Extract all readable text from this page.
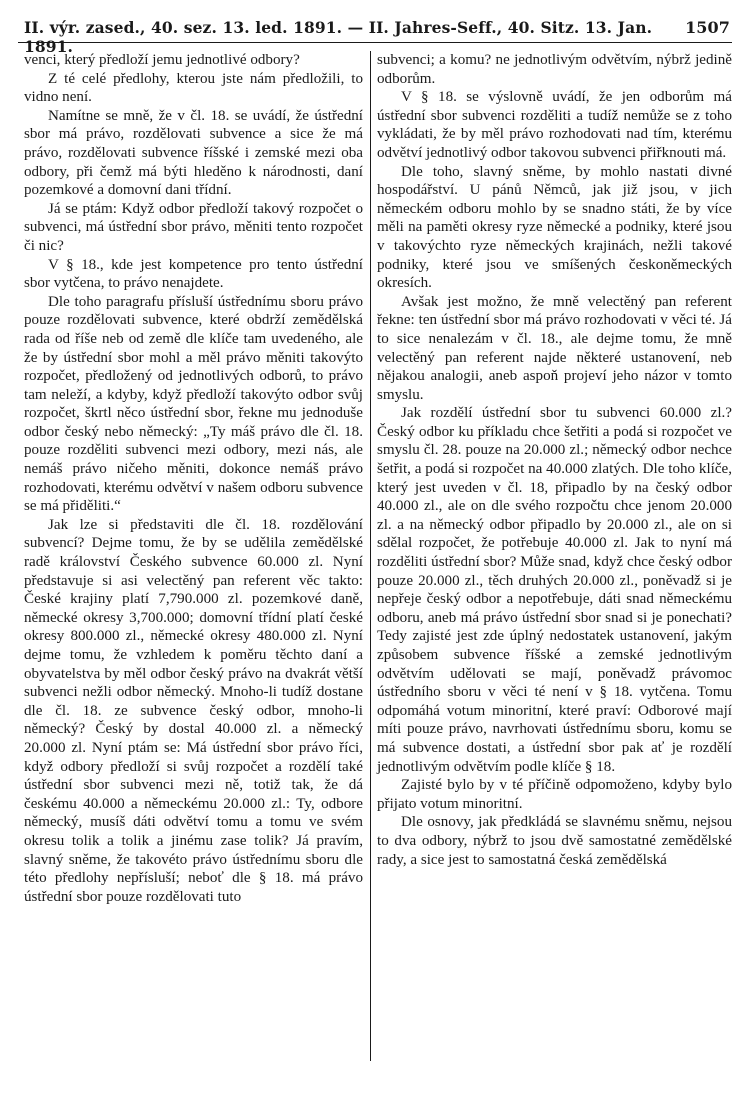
II. výr. zased., 40. sez. 13. led. 1891. — II. Jahres-Seff., 40. Sitz. 13. Jan. 1891.
1507

venci, který předloží jemu jednotlivé odbory?

Z té celé předlohy, kterou jste nám předložili, to vidno není.

Namítne se mně, že v čl. 18. se uvádí, že ústřední sbor má právo, rozdělovati subvence a sice že má právo, rozdělovati subvence říšské i zemské mezi oba odbory, při čemž má býti hleděno k národnosti, daní pozemkové a domovní dani třídní.

Já se ptám: Když odbor předloží takový rozpočet o subvenci, má ústřední sbor právo, měniti tento rozpočet či nic?

V § 18., kde jest kompetence pro tento ústřední sbor vytčena, to právo nenajdete.

Dle toho paragrafu přísluší ústřednímu sboru právo pouze rozdělovati subvence, které obdrží zemědělská rada od říše neb od země dle klíče tam uvedeného, ale že by ústřední sbor mohl a měl právo měniti takovýto rozpočet, předložený od jednotlivých odborů, to právo tam neleží, a kdyby, když předloží takovýto odbor svůj rozpočet, škrtl něco ústřední sbor, řekne mu jednoduše odbor český nebo německý: „Ty máš právo dle čl. 18. pouze rozděliti subvenci mezi odbory, mezi nás, ale nemáš právo ničeho měniti, dokonce nemáš právo rozhodovati, kterému odvětví v našem odboru subvence se má přiděliti.“

Jak lze si představiti dle čl. 18. rozdělování subvencí? Dejme tomu, že by se udělila zemědělské radě království Českého subvence 60.000 zl. Nyní představuje si asi velectěný pan referent věc takto: České krajiny platí 7,790.000 zl. pozemkové daně, německé okresy 3,700.000; domovní třídní platí české okresy 800.000 zl., německé okresy 480.000 zl. Nyní dejme tomu, že vzhledem k poměru těchto daní a obyvatelstva by měl odbor český právo na dvakrát větší subvenci nežli odbor německý. Mnoho-li tudíž dostane dle čl. 18. ze subvence český odbor, mnoho-li německý? Český by dostal 40.000 zl. a německý 20.000 zl. Nyní ptám se: Má ústřední sbor právo říci, když odbory předloží si svůj rozpočet a rozdělí také ústřední sbor subvenci mezi ně, totiž tak, že dá českému 40.000 a německému 20.000 zl.: Ty, odbore německý, musíš dáti odvětví tomu a tomu ve svém okresu tolik a tolik a jinému zase tolik? Já pravím, slavný sněme, že takovéto právo ústřednímu sboru dle této předlohy nepřísluší; neboť dle § 18. má právo ústřední sbor pouze rozdělovati tuto

subvenci; a komu? ne jednotlivým odvětvím, nýbrž jedině odborům.

V § 18. se výslovně uvádí, že jen odborům má ústřední sbor subvenci rozděliti a tudíž nemůže se z toho vykládati, že by měl právo rozhodovati nad tím, kterému odvětví jednotlivý odbor takovou subvenci přiřknouti má.

Dle toho, slavný sněme, by mohlo nastati divné hospodářství. U pánů Němců, jak již jsou, v jich německém odboru mohlo by se snadno státi, že by více měli na paměti okresy ryze německé a podniky, které jsou v takovýchto ryze německých krajinách, nežli takové podniky, které jsou ve smíšených českoněmeckých okresích.

Avšak jest možno, že mně velectěný pan referent řekne: ten ústřední sbor má právo rozhodovati v věci té. Já to sice nenalezám v čl. 18., ale dejme tomu, že mně velectěný pan referent najde některé ustanovení, neb nějakou analogii, aneb aspoň projeví jeho názor v tomto smyslu.

Jak rozdělí ústřední sbor tu subvenci 60.000 zl.? Český odbor ku příkladu chce šetřiti a podá si rozpočet ve smyslu čl. 28. pouze na 20.000 zl.; německý odbor nechce šetřit, a podá si rozpočet na 40.000 zlatých. Dle toho klíče, který jest uveden v čl. 18, připadlo by na český odbor 40.000 zl., ale on dle svého rozpočtu chce jenom 20.000 zl. a na německý odbor připadlo by 20.000 zl., ale on si sdělal rozpočet, že potřebuje 40.000 zl. Jak to nyní má rozděliti ústřední sbor? Může snad, když chce český odbor pouze 20.000 zl., těch druhých 20.000 zl., poněvadž si je nepřeje český odbor a nepotřebuje, dáti snad německému odboru, aneb má právo ústřední sbor snad si je ponechati? Tedy zajisté jest zde úplný nedostatek ustanovení, jakým způsobem subvence říšské a zemské jednotlivým odvětvím udělovati se mají, poněvadž právomoc ústředního sboru v věci té není v § 18. vytčena. Tomu odpomáhá votum minoritní, které praví: Odborové mají míti pouze právo, navrhovati ústřednímu sboru, komu se má subvence dostati, a ústřední sbor pak ať je rozdělí jednotlivým odvětvím podle klíče § 18.

Zajisté bylo by v té příčině odpomoženo, kdyby bylo přijato votum minoritní.

Dle osnovy, jak předkládá se slavnému sněmu, nejsou to dva odbory, nýbrž to jsou dvě samostatné zemědělské rady, a sice jest to samostatná česká zemědělská
